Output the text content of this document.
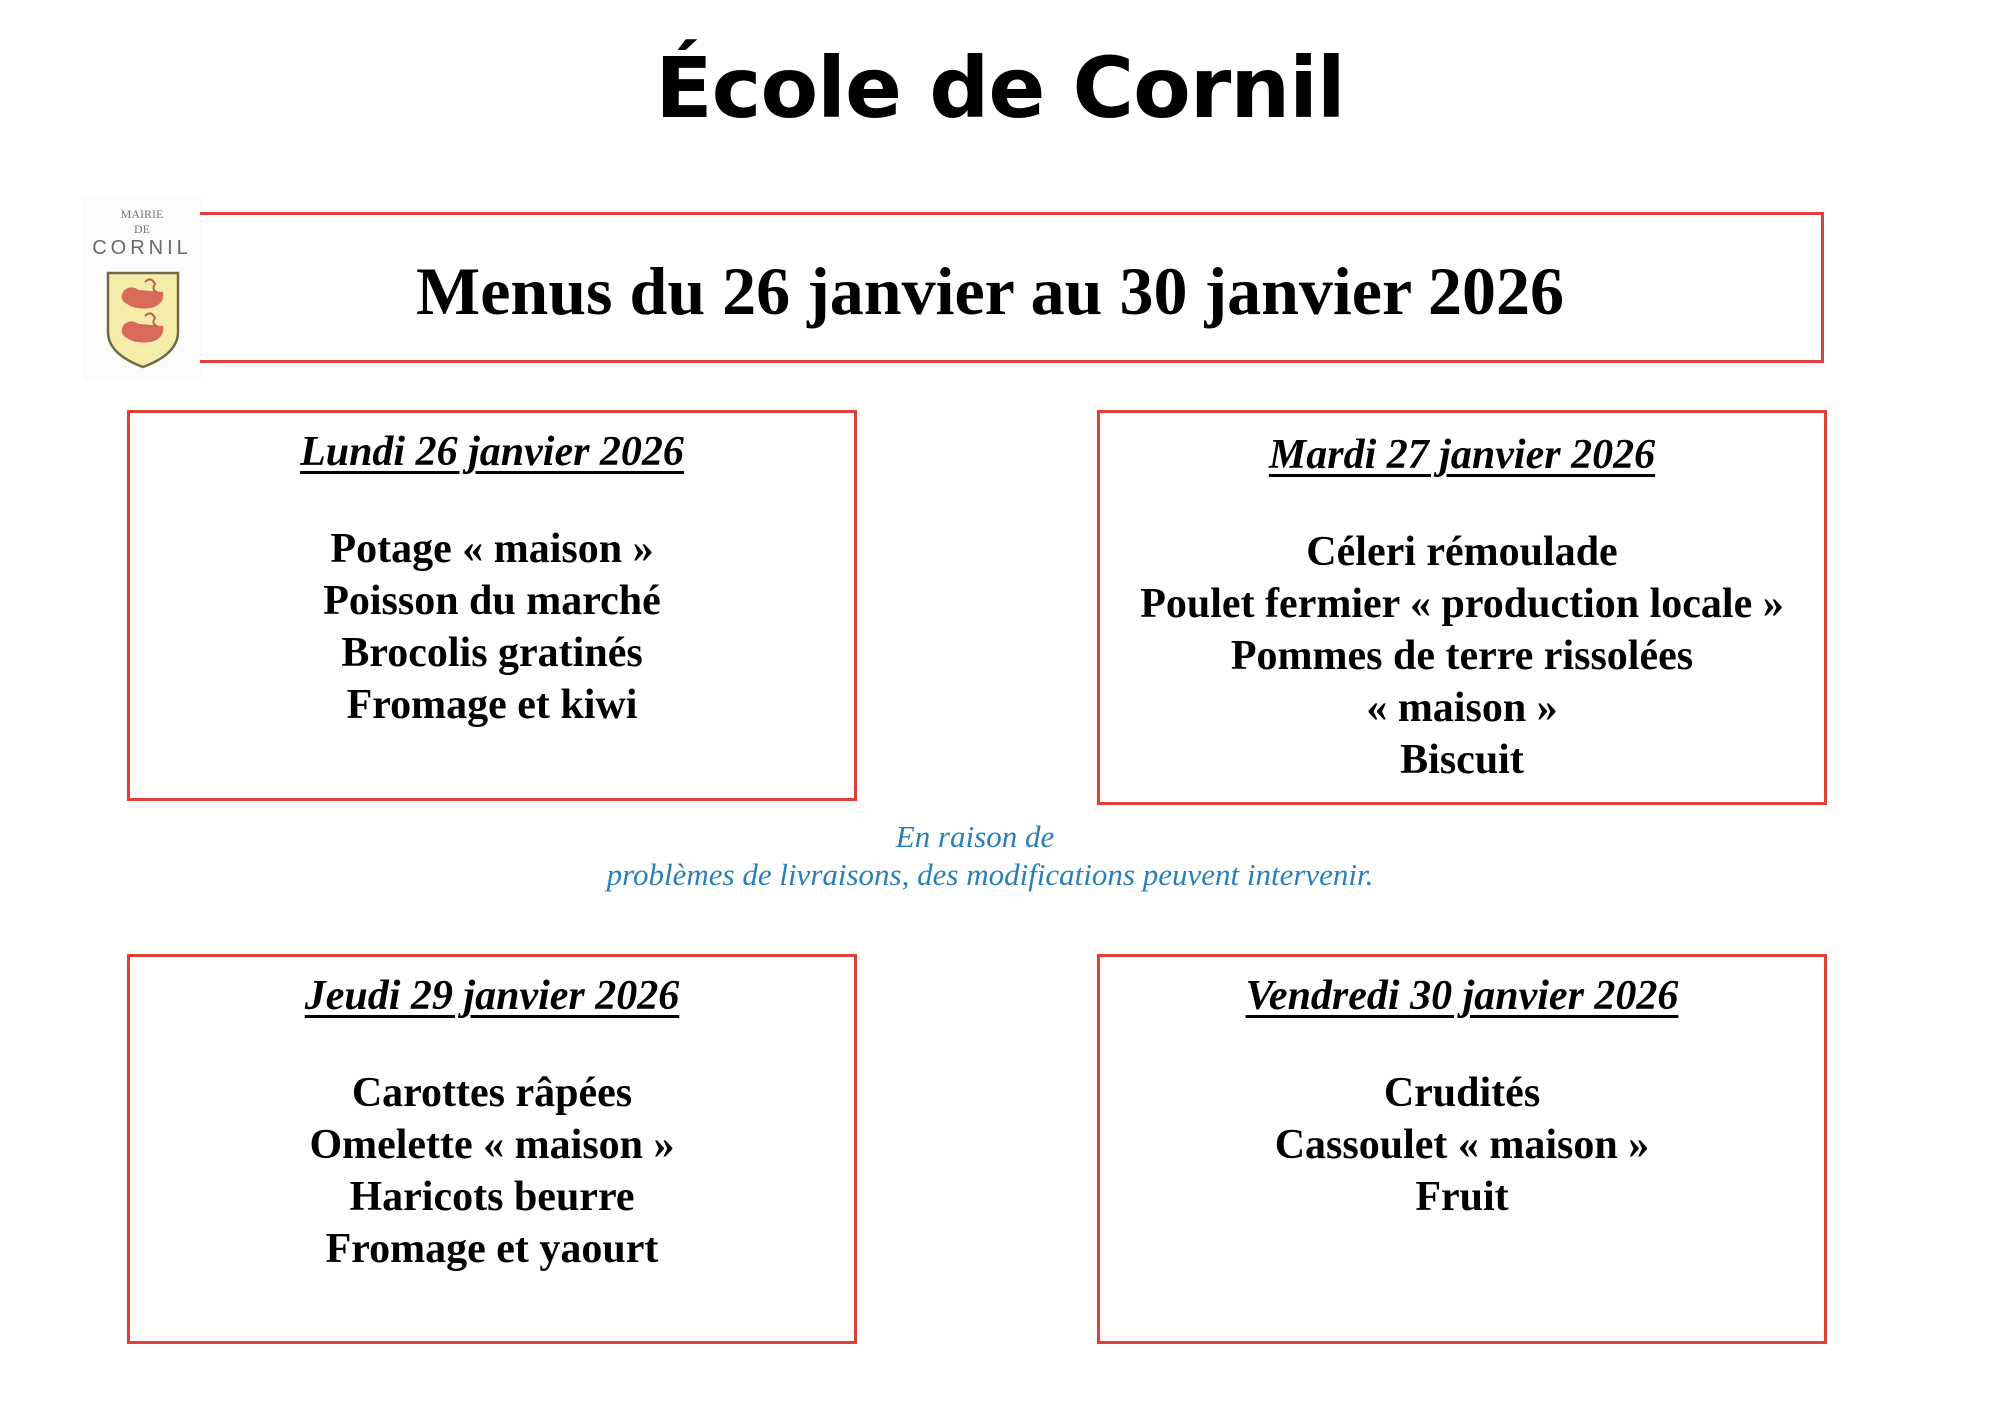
École de Cornil
MAIRIE
DE
CORNIL
Menus du 26 janvier au 30 janvier 2026
Lundi 26 janvier 2026
Potage « maison »
Poisson du marché
Brocolis gratinés
Fromage et kiwi
Mardi 27 janvier 2026
Céleri rémoulade
Poulet fermier « production locale »
Pommes de terre rissolées
« maison »
Biscuit
En raison de
problèmes de livraisons, des modifications peuvent intervenir.
Jeudi 29 janvier 2026
Carottes râpées
Omelette « maison »
Haricots beurre
Fromage et yaourt
Vendredi 30 janvier 2026
Crudités
Cassoulet « maison »
Fruit
